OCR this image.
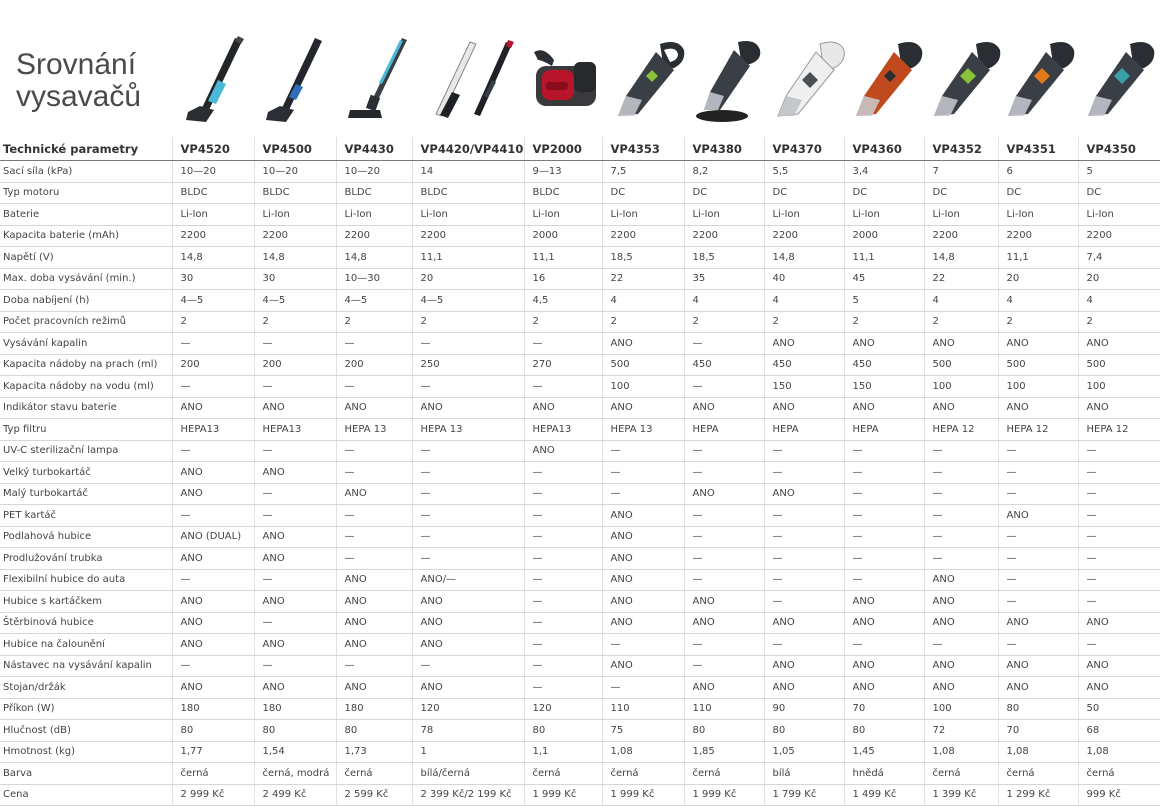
Srovnání
vysavačů
Technické parametry	VP4520	VP4500	VP4430	VP4420/VP4410	VP2000	VP4353	VP4380	VP4370	VP4360	VP4352	VP4351	VP4350
Sací síla (kPa)	10—20	10—20	10—20	14	9—13	7,5	8,2	5,5	3,4	7	6	5
Typ motoru	BLDC	BLDC	BLDC	BLDC	BLDC	DC	DC	DC	DC	DC	DC	DC
Baterie	Li-Ion	Li-Ion	Li-Ion	Li-Ion	Li-Ion	Li-Ion	Li-Ion	Li-Ion	Li-Ion	Li-Ion	Li-Ion	Li-Ion
Kapacita baterie (mAh)	2200	2200	2200	2200	2000	2200	2200	2200	2000	2200	2200	2200
Napětí (V)	14,8	14,8	14,8	11,1	11,1	18,5	18,5	14,8	11,1	14,8	11,1	7,4
Max. doba vysávání (min.)	30	30	10—30	20	16	22	35	40	45	22	20	20
Doba nabíjení (h)	4—5	4—5	4—5	4—5	4,5	4	4	4	5	4	4	4
Počet pracovních režimů	2	2	2	2	2	2	2	2	2	2	2	2
Vysávání kapalin	—	—	—	—	—	ANO	—	ANO	ANO	ANO	ANO	ANO
Kapacita nádoby na prach (ml)	200	200	200	250	270	500	450	450	450	500	500	500
Kapacita nádoby na vodu (ml)	—	—	—	—	—	100	—	150	150	100	100	100
Indikátor stavu baterie	ANO	ANO	ANO	ANO	ANO	ANO	ANO	ANO	ANO	ANO	ANO	ANO
Typ filtru	HEPA13	HEPA13	HEPA 13	HEPA 13	HEPA13	HEPA 13	HEPA	HEPA	HEPA	HEPA 12	HEPA 12	HEPA 12
UV-C sterilizační lampa	—	—	—	—	ANO	—	—	—	—	—	—	—
Velký turbokartáč	ANO	ANO	—	—	—	—	—	—	—	—	—	—
Malý turbokartáč	ANO	—	ANO	—	—	—	ANO	ANO	—	—	—	—
PET kartáč	—	—	—	—	—	ANO	—	—	—	—	ANO	—
Podlahová hubice	ANO (DUAL)	ANO	—	—	—	ANO	—	—	—	—	—	—
Prodlužování trubka	ANO	ANO	—	—	—	ANO	—	—	—	—	—	—
Flexibilní hubice do auta	—	—	ANO	ANO/—	—	ANO	—	—	—	ANO	—	—
Hubice s kartáčkem	ANO	ANO	ANO	ANO	—	ANO	ANO	—	ANO	ANO	—	—
Štěrbinová hubice	ANO	—	ANO	ANO	—	ANO	ANO	ANO	ANO	ANO	ANO	ANO
Hubice na čalounění	ANO	ANO	ANO	ANO	—	—	—	—	—	—	—	—
Nástavec na vysávání kapalin	—	—	—	—	—	ANO	—	ANO	ANO	ANO	ANO	ANO
Stojan/držák	ANO	ANO	ANO	ANO	—	—	ANO	ANO	ANO	ANO	ANO	ANO
Příkon (W)	180	180	180	120	120	110	110	90	70	100	80	50
Hlučnost (dB)	80	80	80	78	80	75	80	80	80	72	70	68
Hmotnost (kg)	1,77	1,54	1,73	1	1,1	1,08	1,85	1,05	1,45	1,08	1,08	1,08
Barva	černá	černá, modrá	černá	bílá/černá	černá	černá	černá	bílá	hnědá	černá	černá	černá
Cena	2 999 Kč	2 499 Kč	2 599 Kč	2 399 Kč/2 199 Kč	1 999 Kč	1 999 Kč	1 999 Kč	1 799 Kč	1 499 Kč	1 399 Kč	1 299 Kč	999 Kč
